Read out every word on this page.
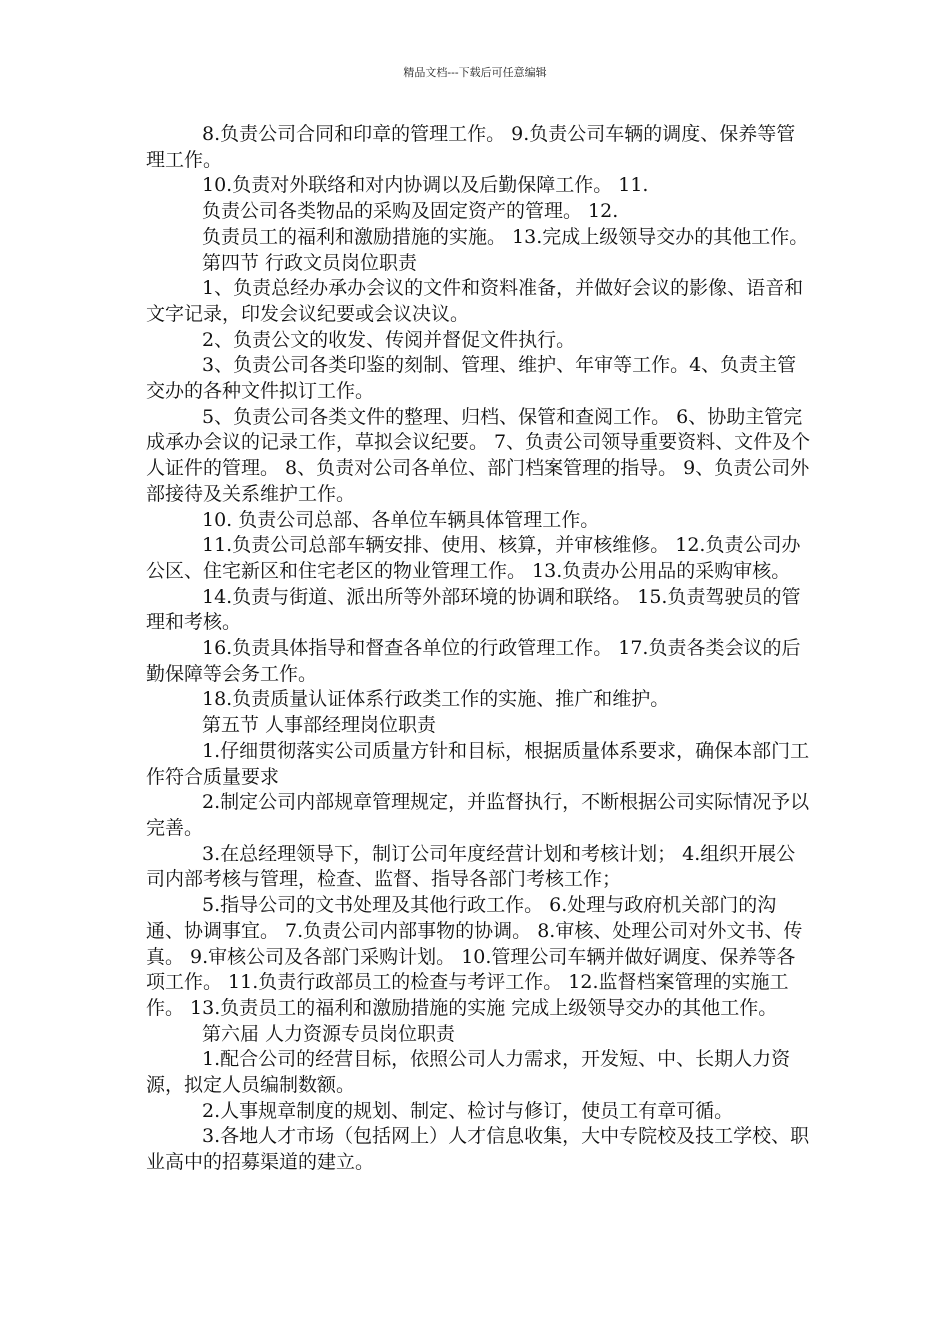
精品文档---下载后可任意编辑

8.负责公司合同和印章的管理工作。 9.负责公司车辆的调度、保养等管理工作。

10.负责对外联络和对内协调以及后勤保障工作。 11.

负责公司各类物品的采购及固定资产的管理。 12.

负责员工的福利和激励措施的实施。 13.完成上级领导交办的其他工作。

第四节 行政文员岗位职责

1、负责总经办承办会议的文件和资料准备，并做好会议的影像、语音和文字记录，印发会议纪要或会议决议。

2、负责公文的收发、传阅并督促文件执行。

3、负责公司各类印鉴的刻制、管理、维护、年审等工作。4、负责主管交办的各种文件拟订工作。

5、负责公司各类文件的整理、归档、保管和查阅工作。 6、协助主管完成承办会议的记录工作，草拟会议纪要。 7、负责公司领导重要资料、文件及个人证件的管理。 8、负责对公司各单位、部门档案管理的指导。 9、负责公司外部接待及关系维护工作。

10. 负责公司总部、各单位车辆具体管理工作。

11.负责公司总部车辆安排、使用、核算，并审核维修。 12.负责公司办公区、住宅新区和住宅老区的物业管理工作。 13.负责办公用品的采购审核。

14.负责与街道、派出所等外部环境的协调和联络。 15.负责驾驶员的管理和考核。

16.负责具体指导和督查各单位的行政管理工作。 17.负责各类会议的后勤保障等会务工作。

18.负责质量认证体系行政类工作的实施、推广和维护。

第五节 人事部经理岗位职责

1.仔细贯彻落实公司质量方针和目标，根据质量体系要求，确保本部门工作符合质量要求

2.制定公司内部规章管理规定，并监督执行，不断根据公司实际情况予以完善。

3.在总经理领导下，制订公司年度经营计划和考核计划； 4.组织开展公司内部考核与管理，检查、监督、指导各部门考核工作；

5.指导公司的文书处理及其他行政工作。 6.处理与政府机关部门的沟通、协调事宜。 7.负责公司内部事物的协调。 8.审核、处理公司对外文书、传真。 9.审核公司及各部门采购计划。 10.管理公司车辆并做好调度、保养等各项工作。 11.负责行政部员工的检查与考评工作。 12.监督档案管理的实施工作。 13.负责员工的福利和激励措施的实施 完成上级领导交办的其他工作。

第六届 人力资源专员岗位职责

1.配合公司的经营目标，依照公司人力需求，开发短、中、长期人力资源，拟定人员编制数额。

2.人事规章制度的规划、制定、检讨与修订，使员工有章可循。

3.各地人才市场（包括网上）人才信息收集，大中专院校及技工学校、职业高中的招募渠道的建立。
